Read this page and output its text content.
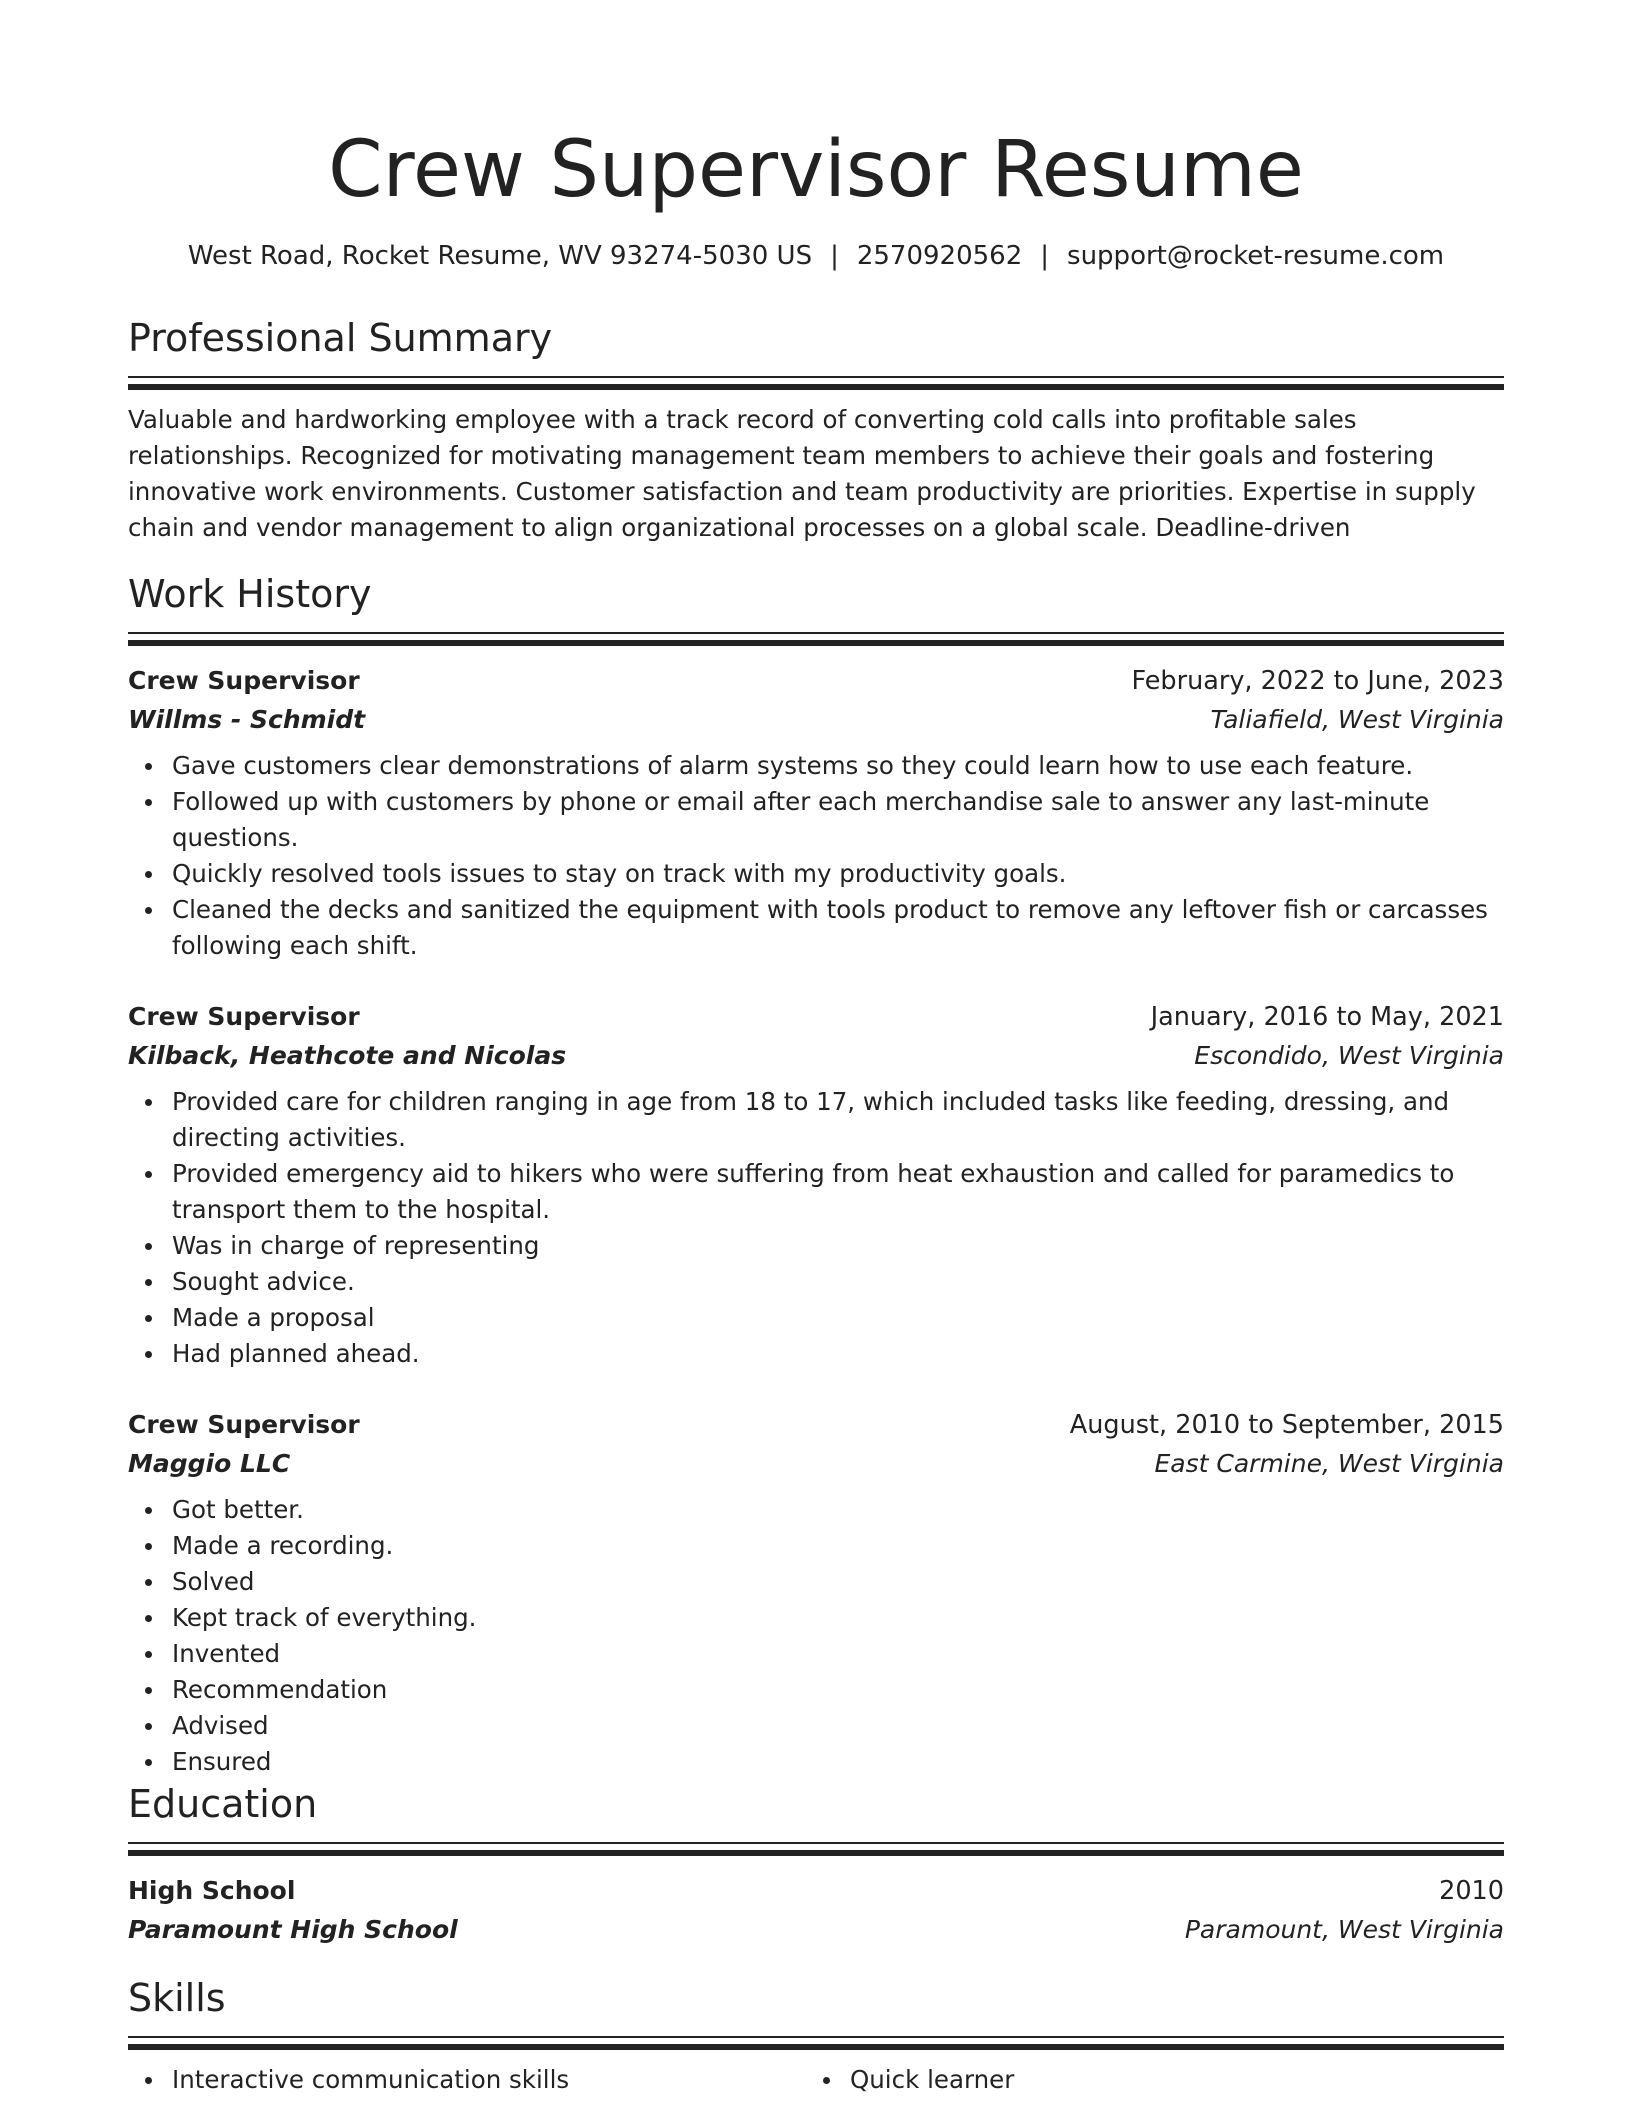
Crew Supervisor Resume
West Road, Rocket Resume, WV 93274-5030 US | 2570920562 | support@rocket-resume.com
Professional Summary

Valuable and hardworking employee with a track record of converting cold calls into profitable sales relationships. Recognized for motivating management team members to achieve their goals and fostering innovative work environments. Customer satisfaction and team productivity are priorities. Expertise in supply chain and vendor management to align organizational processes on a global scale. Deadline-driven

Work History
Crew Supervisor	February, 2022 to June, 2023
Willms - Schmidt	Taliafield, West Virginia
Gave customers clear demonstrations of alarm systems so they could learn how to use each feature.
Followed up with customers by phone or email after each merchandise sale to answer any last-minute questions.
Quickly resolved tools issues to stay on track with my productivity goals.
Cleaned the decks and sanitized the equipment with tools product to remove any leftover fish or carcasses following each shift.
Crew Supervisor	January, 2016 to May, 2021
Kilback, Heathcote and Nicolas	Escondido, West Virginia
Provided care for children ranging in age from 18 to 17, which included tasks like feeding, dressing, and directing activities.
Provided emergency aid to hikers who were suffering from heat exhaustion and called for paramedics to transport them to the hospital.
Was in charge of representing
Sought advice.
Made a proposal
Had planned ahead.
Crew Supervisor	August, 2010 to September, 2015
Maggio LLC	East Carmine, West Virginia
Got better.
Made a recording.
Solved
Kept track of everything.
Invented
Recommendation
Advised
Ensured
Education
High School	2010
Paramount High School	Paramount, West Virginia
Skills
Interactive communication skills	Quick learner
